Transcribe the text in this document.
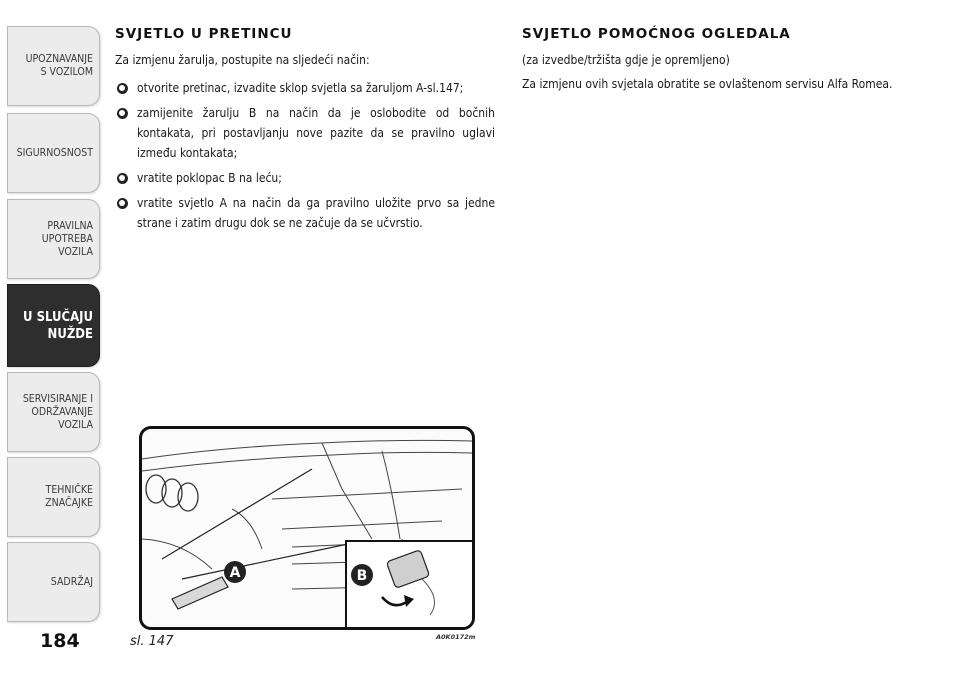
UPOZNAVANJE
S VOZILOM
SIGURNOSNOST
PRAVILNA
UPOTREBA
VOZILA
U SLUČAJU
NUŽDE
SERVISIRANJE I
ODRŽAVANJE
VOZILA
TEHNIČKE
ZNAČAJKE
SADRŽAJ
184
SVJETLO U PRETINCU

Za izmjenu žarulja, postupite na sljedeći način:

otvorite pretinac, izvadite sklop svjetla sa žaruljom A-sl.147;
zamijenite žarulju B na način da je oslobodite od bočnih kontakata, pri postavljanju nove pazite da se pravilno uglavi između kontakata;
vratite poklopac B na leću;
vratite svjetlo A na način da ga pravilno uložite prvo sa jedne strane i zatim drugu dok se ne začuje da se učvrstio.
SVJETLO POMOĆNOG OGLEDALA

(za izvedbe/tržišta gdje je opremljeno)

Za izmjenu ovih svjetala obratite se ovlaštenom servisu Alfa Romea.

A	B
sl. 147	A0K0172m
